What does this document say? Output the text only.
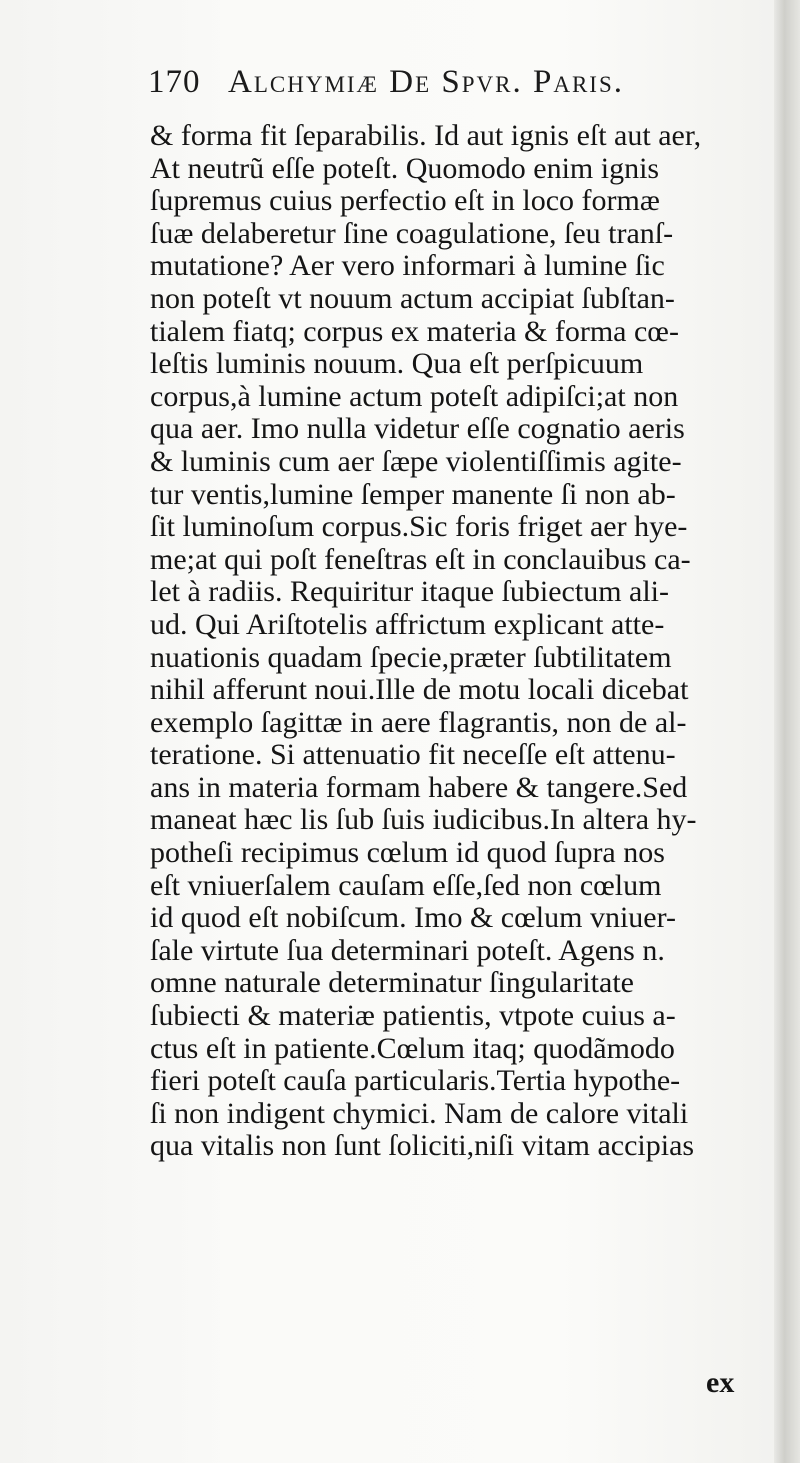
170 Alchymiæ De Spvr. Paris.
& forma fit ſeparabilis. Id aut ignis eſt aut aer,
At neutrũ eſſe poteſt. Quomodo enim ignis
ſupremus cuius perfectio eſt in loco formæ
ſuæ delaberetur ſine coagulatione, ſeu tranſ-
mutatione? Aer vero informari à lumine ſic
non poteſt vt nouum actum accipiat ſubſtan-
tialem fiatq; corpus ex materia & forma cœ-
leſtis luminis nouum. Qua eſt perſpicuum
corpus,à lumine actum poteſt adipiſci;at non
qua aer. Imo nulla videtur eſſe cognatio aeris
& luminis cum aer ſæpe violentiſſimis agite-
tur ventis,lumine ſemper manente ſi non ab-
ſit luminoſum corpus.Sic foris friget aer hye-
me;at qui poſt feneſtras eſt in conclauibus ca-
let à radiis. Requiritur itaque ſubiectum ali-
ud. Qui Ariſtotelis affrictum explicant atte-
nuationis quadam ſpecie,præter ſubtilitatem
nihil afferunt noui.Ille de motu locali dicebat
exemplo ſagittæ in aere flagrantis, non de al-
teratione. Si attenuatio fit neceſſe eſt attenu-
ans in materia formam habere & tangere.Sed
maneat hæc lis ſub ſuis iudicibus.In altera hy-
potheſi recipimus cœlum id quod ſupra nos
eſt vniuerſalem cauſam eſſe,ſed non cœlum
id quod eſt nobiſcum. Imo & cœlum vniuer-
ſale virtute ſua determinari poteſt. Agens n.
omne naturale determinatur ſingularitate
ſubiecti & materiæ patientis, vtpote cuius a-
ctus eſt in patiente.Cœlum itaq; quodãmodo
fieri poteſt cauſa particularis.Tertia hypothe-
ſi non indigent chymici. Nam de calore vitali
qua vitalis non ſunt ſoliciti,niſi vitam accipias
ex
